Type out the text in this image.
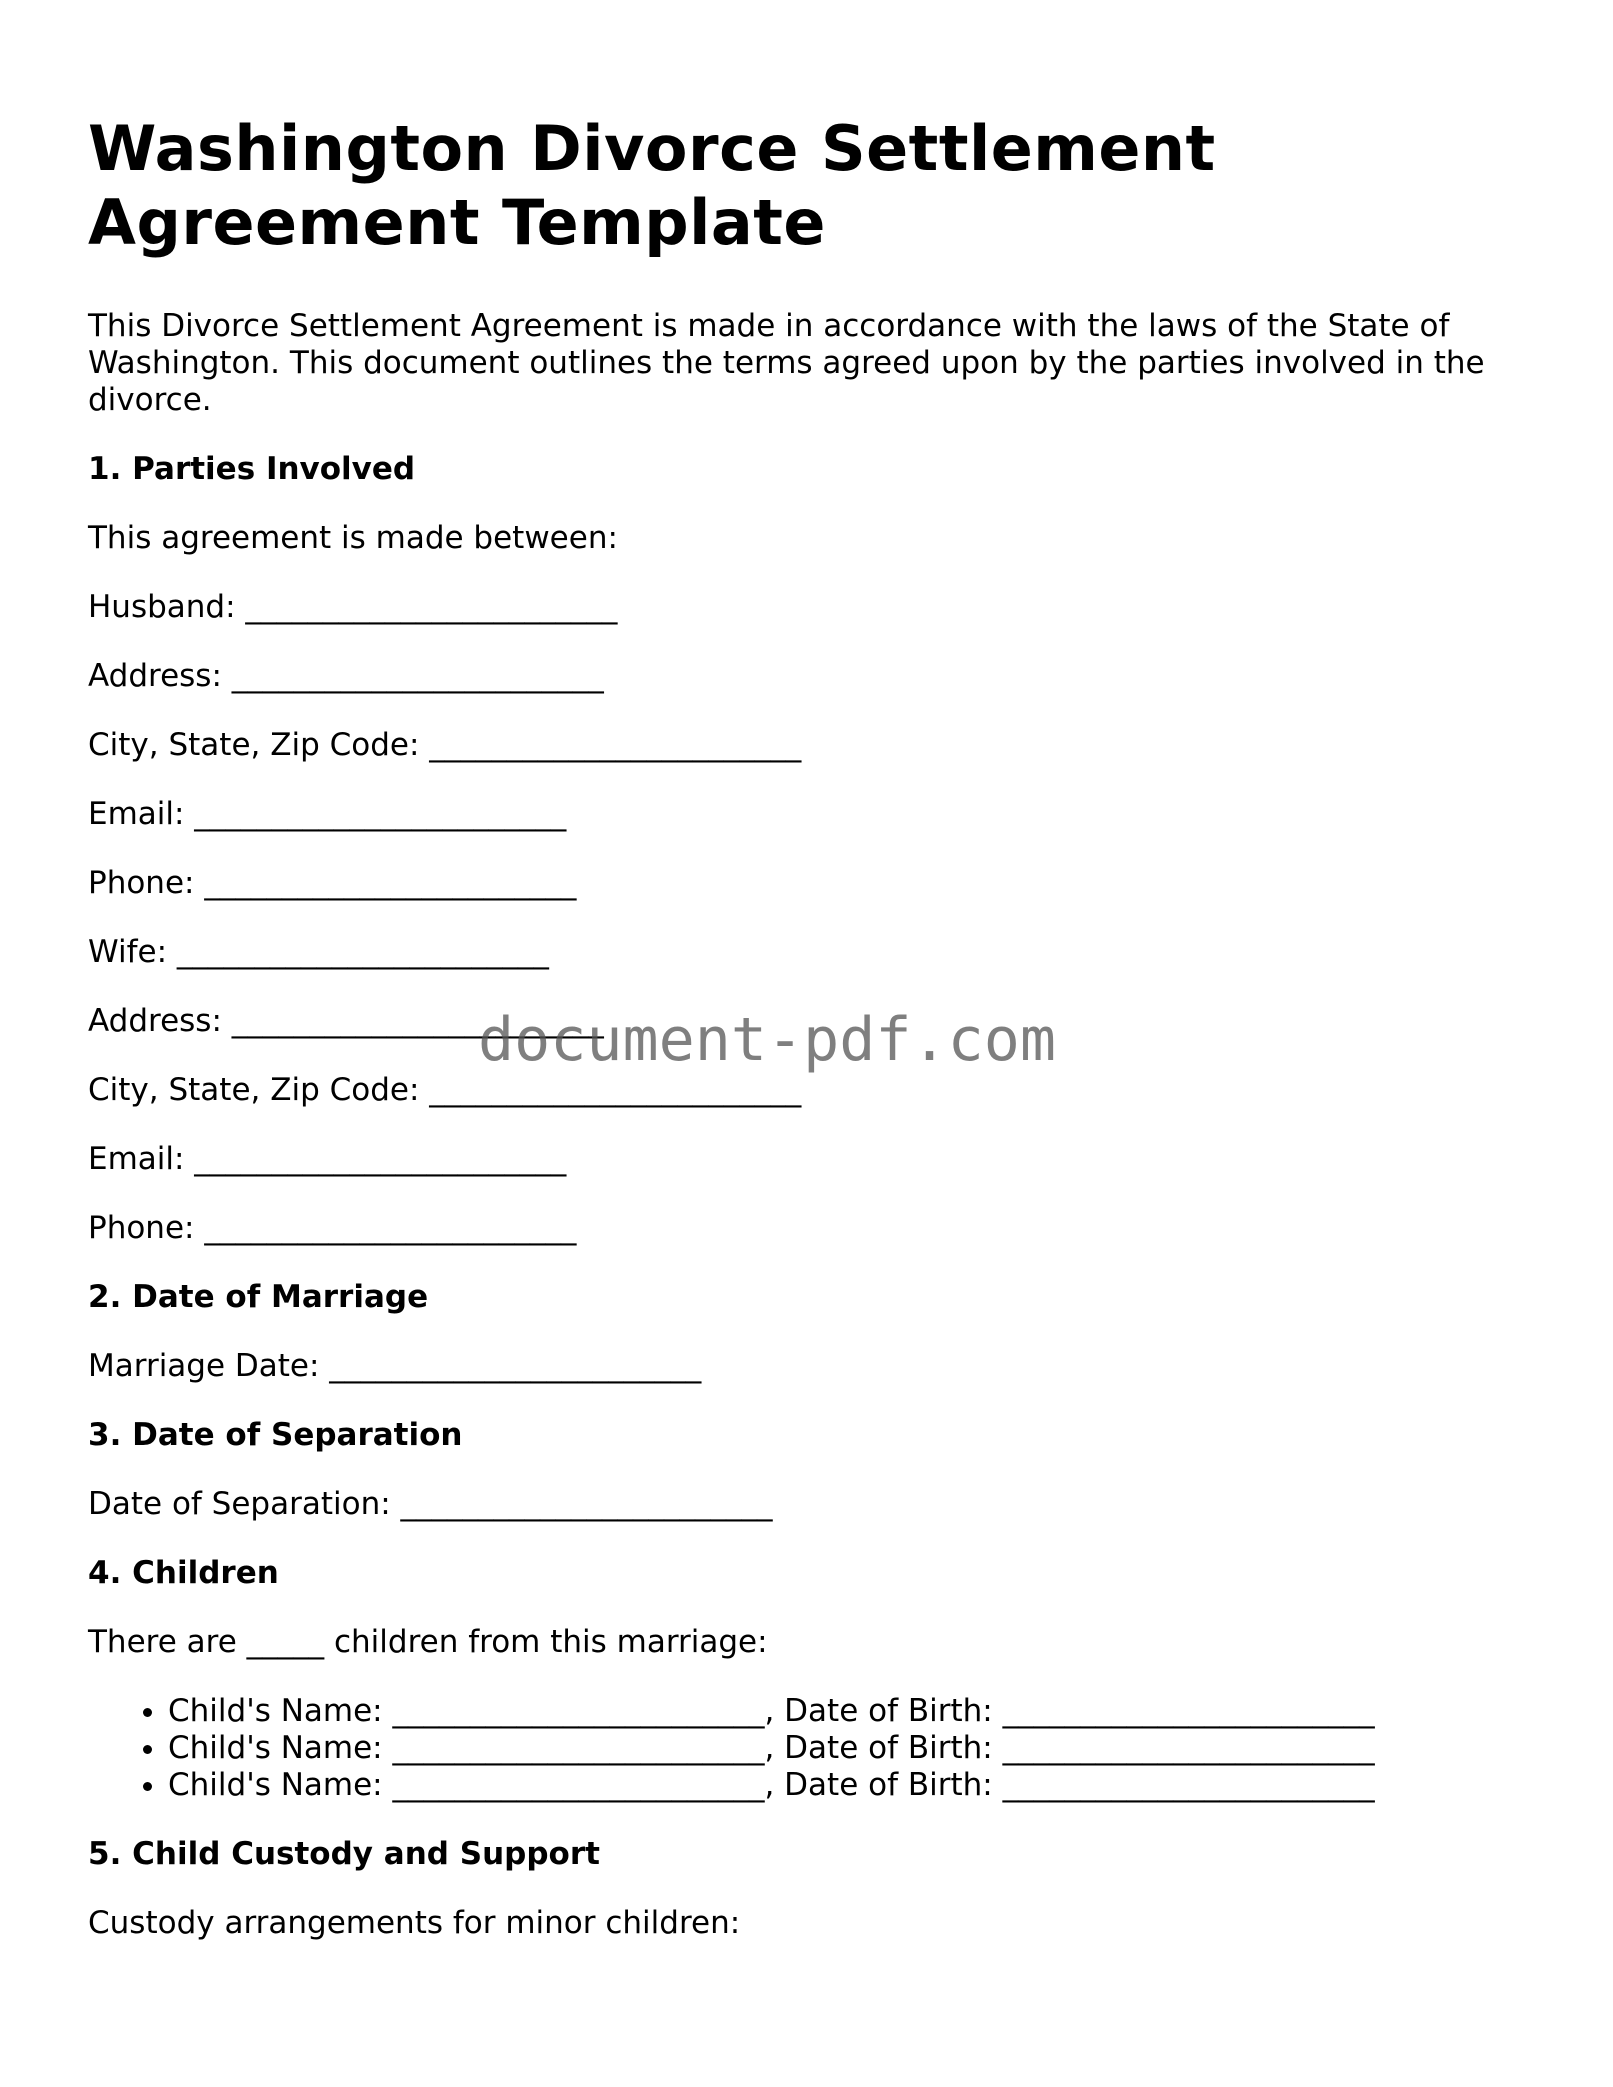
Washington Divorce Settlement Agreement Template

This Divorce Settlement Agreement is made in accordance with the laws of the State of Washington. This document outlines the terms agreed upon by the parties involved in the divorce.

1. Parties Involved

This agreement is made between:

Husband: ________________________
Address: ________________________
City, State, Zip Code: ________________________
Email: ________________________
Phone: ________________________
Wife: ________________________
Address: ________________________
City, State, Zip Code: ________________________
Email: ________________________
Phone: ________________________
2. Date of Marriage
Marriage Date: ________________________
3. Date of Separation
Date of Separation: ________________________
4. Children

There are _____ children from this marriage:

• Child's Name: ________________________, Date of Birth: ________________________
• Child's Name: ________________________, Date of Birth: ________________________
• Child's Name: ________________________, Date of Birth: ________________________
5. Child Custody and Support

Custody arrangements for minor children:

document-pdf.com
